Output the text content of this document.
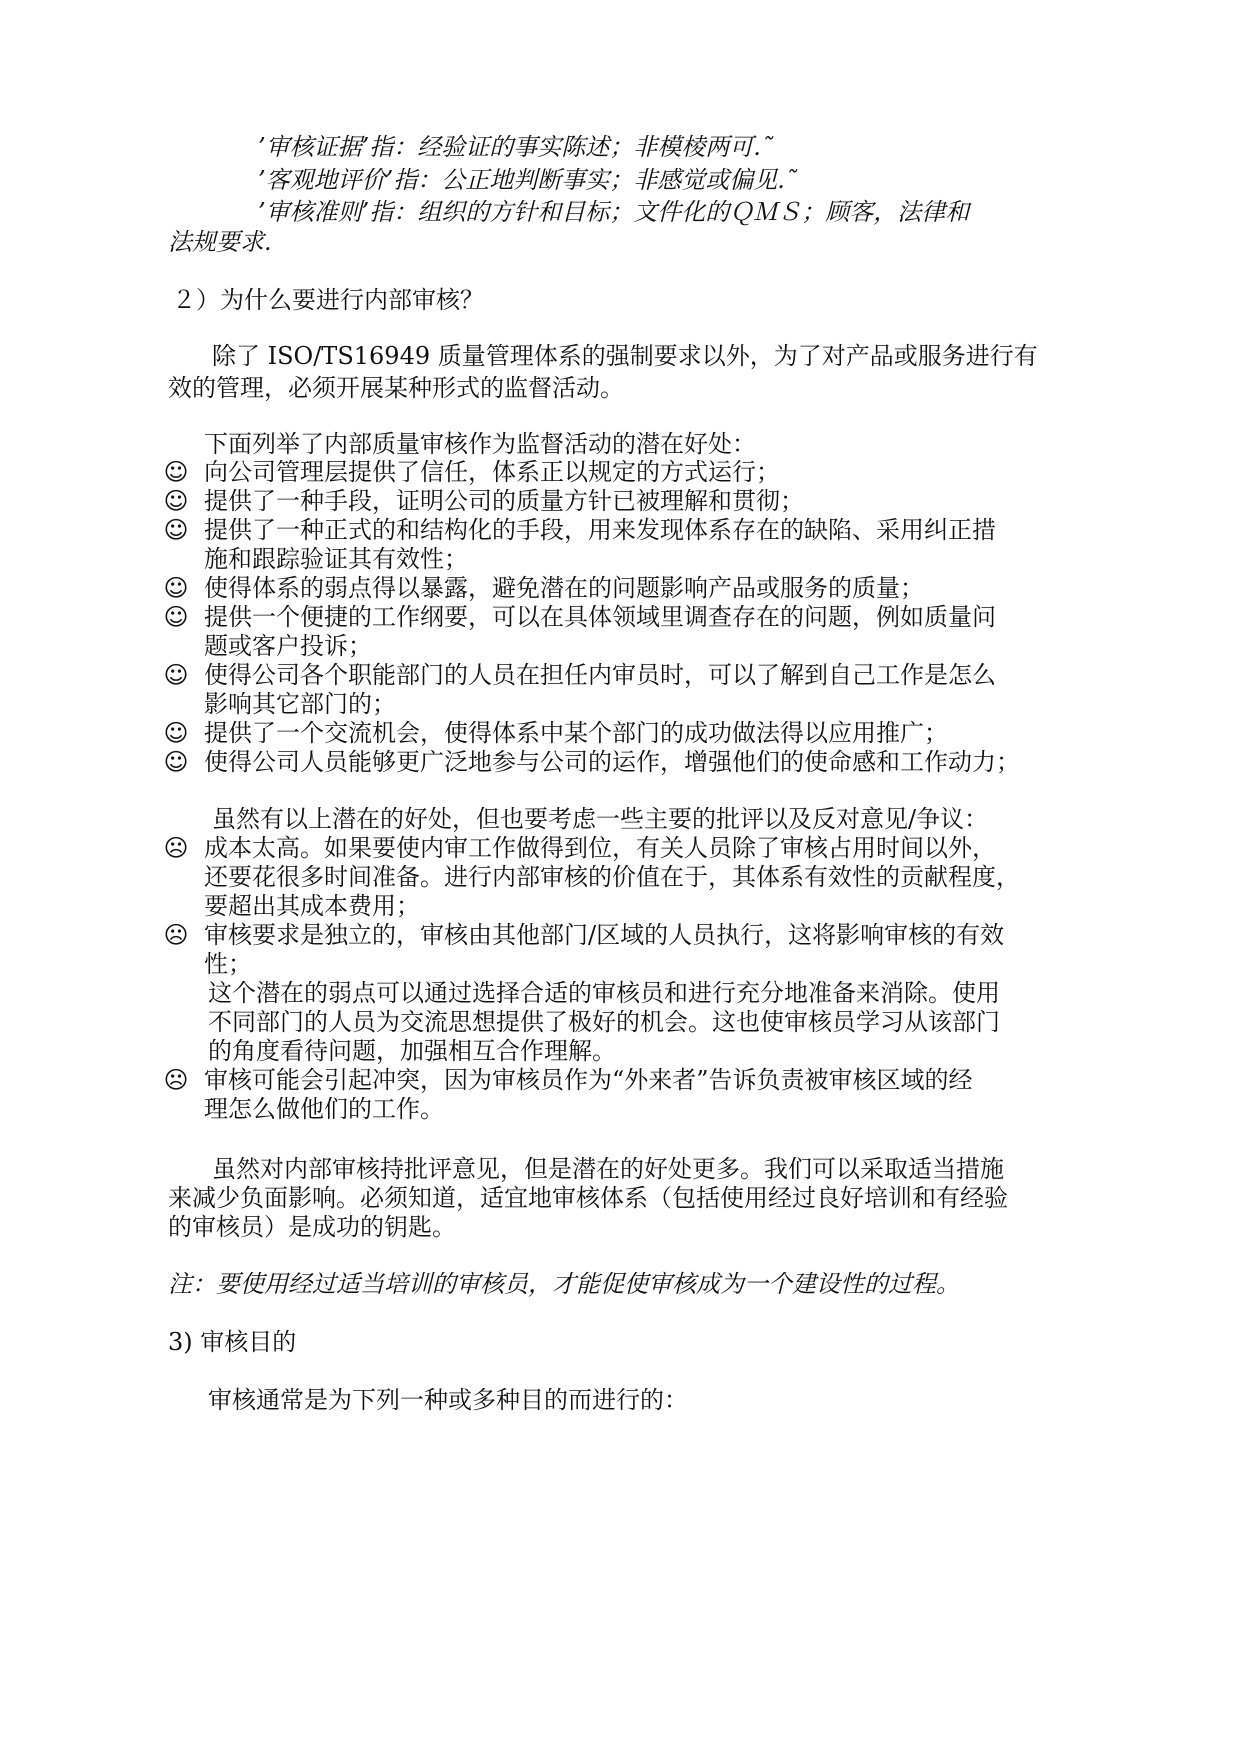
’审核证据’指：经验证的事实陈述；非模棱两可.˜
’客观地评价’指：公正地判断事实；非感觉或偏见.˜
’审核准则’指：组织的方针和目标；文件化的ＱＭＳ；顾客，法律和
法规要求.
２）为什么要进行内部审核？
除了 ISO/TS16949 质量管理体系的强制要求以外，为了对产品或服务进行有
效的管理，必须开展某种形式的监督活动。
下面列举了内部质量审核作为监督活动的潜在好处：
☺ 向公司管理层提供了信任，体系正以规定的方式运行；
☺ 提供了一种手段，证明公司的质量方针已被理解和贯彻；
☺ 提供了一种正式的和结构化的手段，用来发现体系存在的缺陷、采用纠正措
施和跟踪验证其有效性；
☺ 使得体系的弱点得以暴露，避免潜在的问题影响产品或服务的质量；
☺ 提供一个便捷的工作纲要，可以在具体领域里调查存在的问题，例如质量问
题或客户投诉；
☺ 使得公司各个职能部门的人员在担任内审员时，可以了解到自己工作是怎么
影响其它部门的；
☺ 提供了一个交流机会，使得体系中某个部门的成功做法得以应用推广；
☺ 使得公司人员能够更广泛地参与公司的运作，增强他们的使命感和工作动力；
虽然有以上潜在的好处，但也要考虑一些主要的批评以及反对意见/争议：
☹ 成本太高。如果要使内审工作做得到位，有关人员除了审核占用时间以外，
还要花很多时间准备。进行内部审核的价值在于，其体系有效性的贡献程度，
要超出其成本费用；
☹ 审核要求是独立的，审核由其他部门/区域的人员执行，这将影响审核的有效
性；
这个潜在的弱点可以通过选择合适的审核员和进行充分地准备来消除。使用
不同部门的人员为交流思想提供了极好的机会。这也使审核员学习从该部门
的角度看待问题，加强相互合作理解。
☹ 审核可能会引起冲突，因为审核员作为“外来者”告诉负责被审核区域的经
理怎么做他们的工作。
虽然对内部审核持批评意见，但是潜在的好处更多。我们可以采取适当措施
来减少负面影响。必须知道，适宜地审核体系（包括使用经过良好培训和有经验
的审核员）是成功的钥匙。
注：要使用经过适当培训的审核员，才能促使审核成为一个建设性的过程。
3) 审核目的
审核通常是为下列一种或多种目的而进行的：
